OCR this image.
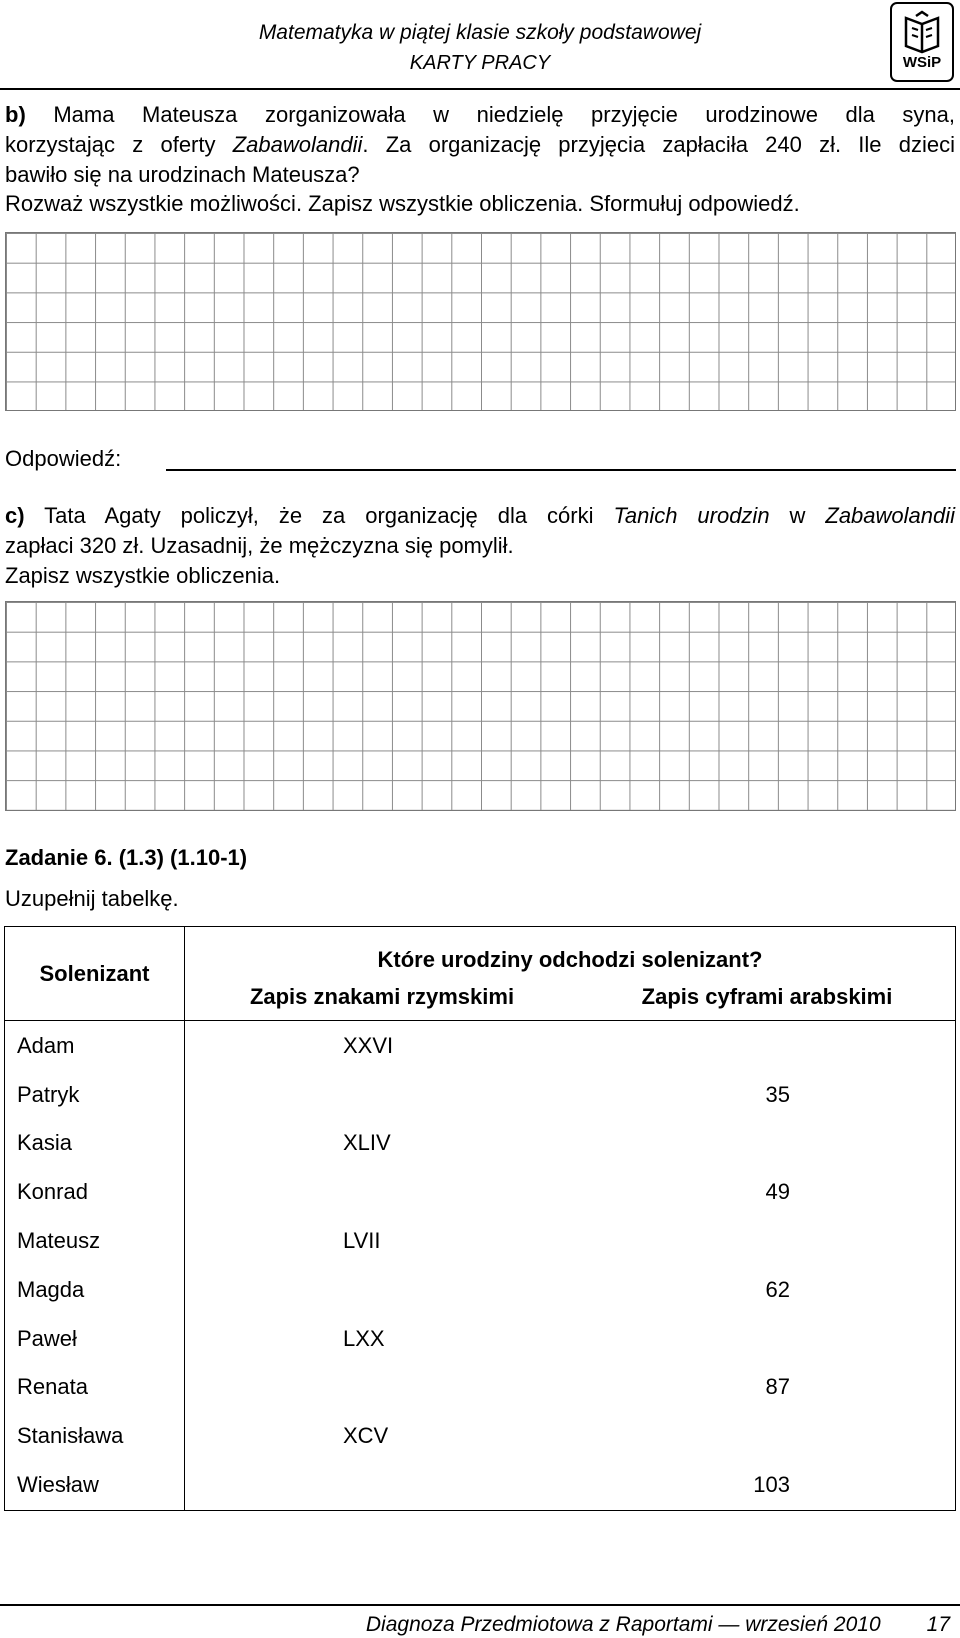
Matematyka w piątej klasie szkoły podstawowej
KARTY PRACY	WSiP
b) Mama Mateusza zorganizowała w niedzielę przyjęcie urodzinowe dla syna,
korzystając z oferty Zabawolandii. Za organizację przyjęcia zapłaciła 240 zł. Ile dzieci
bawiło się na urodzinach Mateusza?
Rozważ wszystkie możliwości. Zapisz wszystkie obliczenia. Sformułuj odpowiedź.
Odpowiedź:
c) Tata Agaty policzył, że za organizację dla córki Tanich urodzin w Zabawolandii
zapłaci 320 zł. Uzasadnij, że mężczyzna się pomylił.
Zapisz wszystkie obliczenia.
Zadanie 6. (1.3) (1.10-1)
Uzupełnij tabelkę.
Solenizant	Które urodziny odchodzi solenizant?	
	Zapis znakami rzymskimi	Zapis cyframi arabskimi
Adam	XXVI	
Patryk		35
Kasia	XLIV	
Konrad		49
Mateusz	LVII	
Magda		62
Paweł	LXX	
Renata		87
Stanisława	XCV	
Wiesław		103
Diagnoza Przedmiotowa z Raportami — wrzesień 2010 17
